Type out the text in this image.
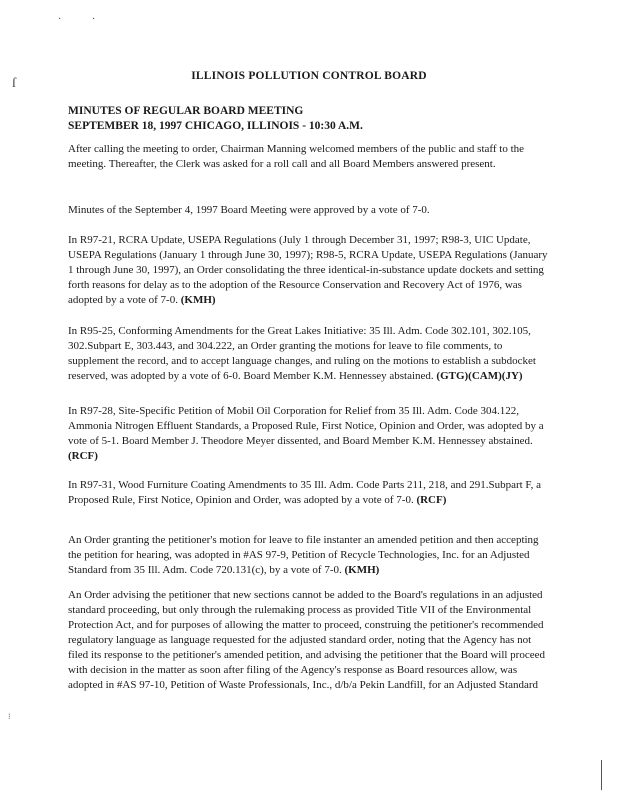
·	·
ſ
⁝
ILLINOIS POLLUTION CONTROL BOARD
MINUTES OF REGULAR BOARD MEETING
SEPTEMBER 18, 1997 CHICAGO, ILLINOIS - 10:30 A.M.
After calling the meeting to order, Chairman Manning welcomed members of the public and staff to the meeting. Thereafter, the Clerk was asked for a roll call and all Board Members answered present.
Minutes of the September 4, 1997 Board Meeting were approved by a vote of 7-0.
In R97-21, RCRA Update, USEPA Regulations (July 1 through December 31, 1997; R98-3, UIC Update, USEPA Regulations (January 1 through June 30, 1997); R98-5, RCRA Update, USEPA Regulations (January 1 through June 30, 1997), an Order consolidating the three identical-in-substance update dockets and setting forth reasons for delay as to the adoption of the Resource Conservation and Recovery Act of 1976, was adopted by a vote of 7-0. (KMH)
In R95-25, Conforming Amendments for the Great Lakes Initiative: 35 Ill. Adm. Code 302.101, 302.105, 302.Subpart E, 303.443, and 304.222, an Order granting the motions for leave to file comments, to supplement the record, and to accept language changes, and ruling on the motions to establish a subdocket reserved, was adopted by a vote of 6-0. Board Member K.M. Hennessey abstained. (GTG)(CAM)(JY)
In R97-28, Site-Specific Petition of Mobil Oil Corporation for Relief from 35 Ill. Adm. Code 304.122, Ammonia Nitrogen Effluent Standards, a Proposed Rule, First Notice, Opinion and Order, was adopted by a vote of 5-1. Board Member J. Theodore Meyer dissented, and Board Member K.M. Hennessey abstained. (RCF)
In R97-31, Wood Furniture Coating Amendments to 35 Ill. Adm. Code Parts 211, 218, and 291.Subpart F, a Proposed Rule, First Notice, Opinion and Order, was adopted by a vote of 7-0. (RCF)
An Order granting the petitioner's motion for leave to file instanter an amended petition and then accepting the petition for hearing, was adopted in #AS 97-9, Petition of Recycle Technologies, Inc. for an Adjusted Standard from 35 Ill. Adm. Code 720.131(c), by a vote of 7-0. (KMH)
An Order advising the petitioner that new sections cannot be added to the Board's regulations in an adjusted standard proceeding, but only through the rulemaking process as provided Title VII of the Environmental Protection Act, and for purposes of allowing the matter to proceed, construing the petitioner's recommended regulatory language as language requested for the adjusted standard order, noting that the Agency has not filed its response to the petitioner's amended petition, and advising the petitioner that the Board will proceed with decision in the matter as soon after filing of the Agency's response as Board resources allow, was adopted in #AS 97-10, Petition of Waste Professionals, Inc., d/b/a Pekin Landfill, for an Adjusted Standard
